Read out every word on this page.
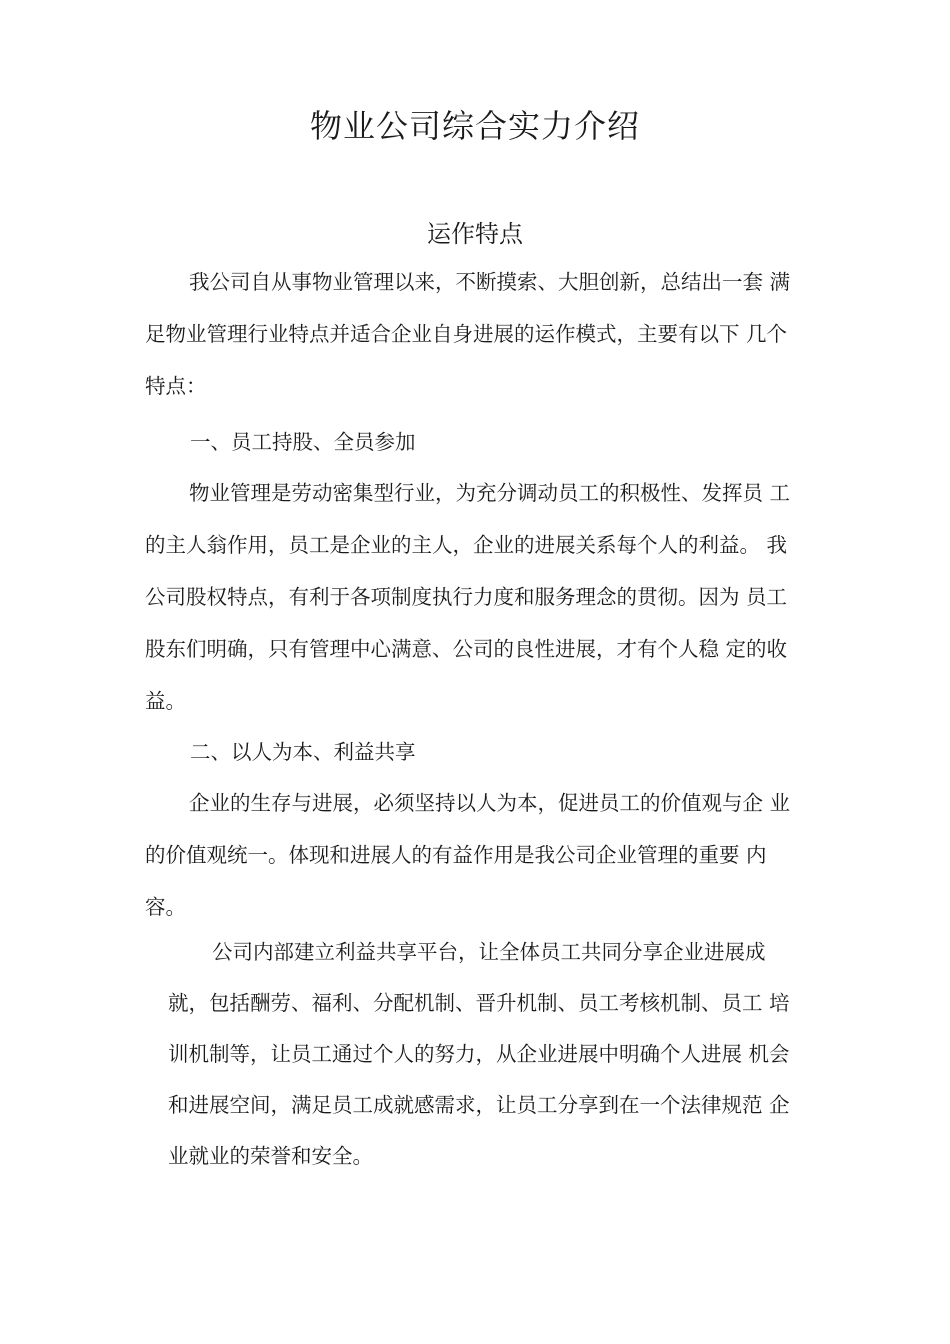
物业公司综合实力介绍
运作特点
我公司自从事物业管理以来，不断摸索、大胆创新，总结出一套 满
足物业管理行业特点并适合企业自身进展的运作模式，主要有以下 几个
特点：
一、员工持股、全员参加
物业管理是劳动密集型行业，为充分调动员工的积极性、发挥员 工
的主人翁作用，员工是企业的主人，企业的进展关系每个人的利益。 我
公司股权特点，有利于各项制度执行力度和服务理念的贯彻。因为 员工
股东们明确，只有管理中心满意、公司的良性进展，才有个人稳 定的收
益。
二、以人为本、利益共享
企业的生存与进展，必须坚持以人为本，促进员工的价值观与企 业
的价值观统一。体现和进展人的有益作用是我公司企业管理的重要 内
容。
公司内部建立利益共享平台，让全体员工共同分享企业进展成
就，包括酬劳、福利、分配机制、晋升机制、员工考核机制、员工 培
训机制等，让员工通过个人的努力，从企业进展中明确个人进展 机会
和进展空间，满足员工成就感需求，让员工分享到在一个法律规范 企
业就业的荣誉和安全。
